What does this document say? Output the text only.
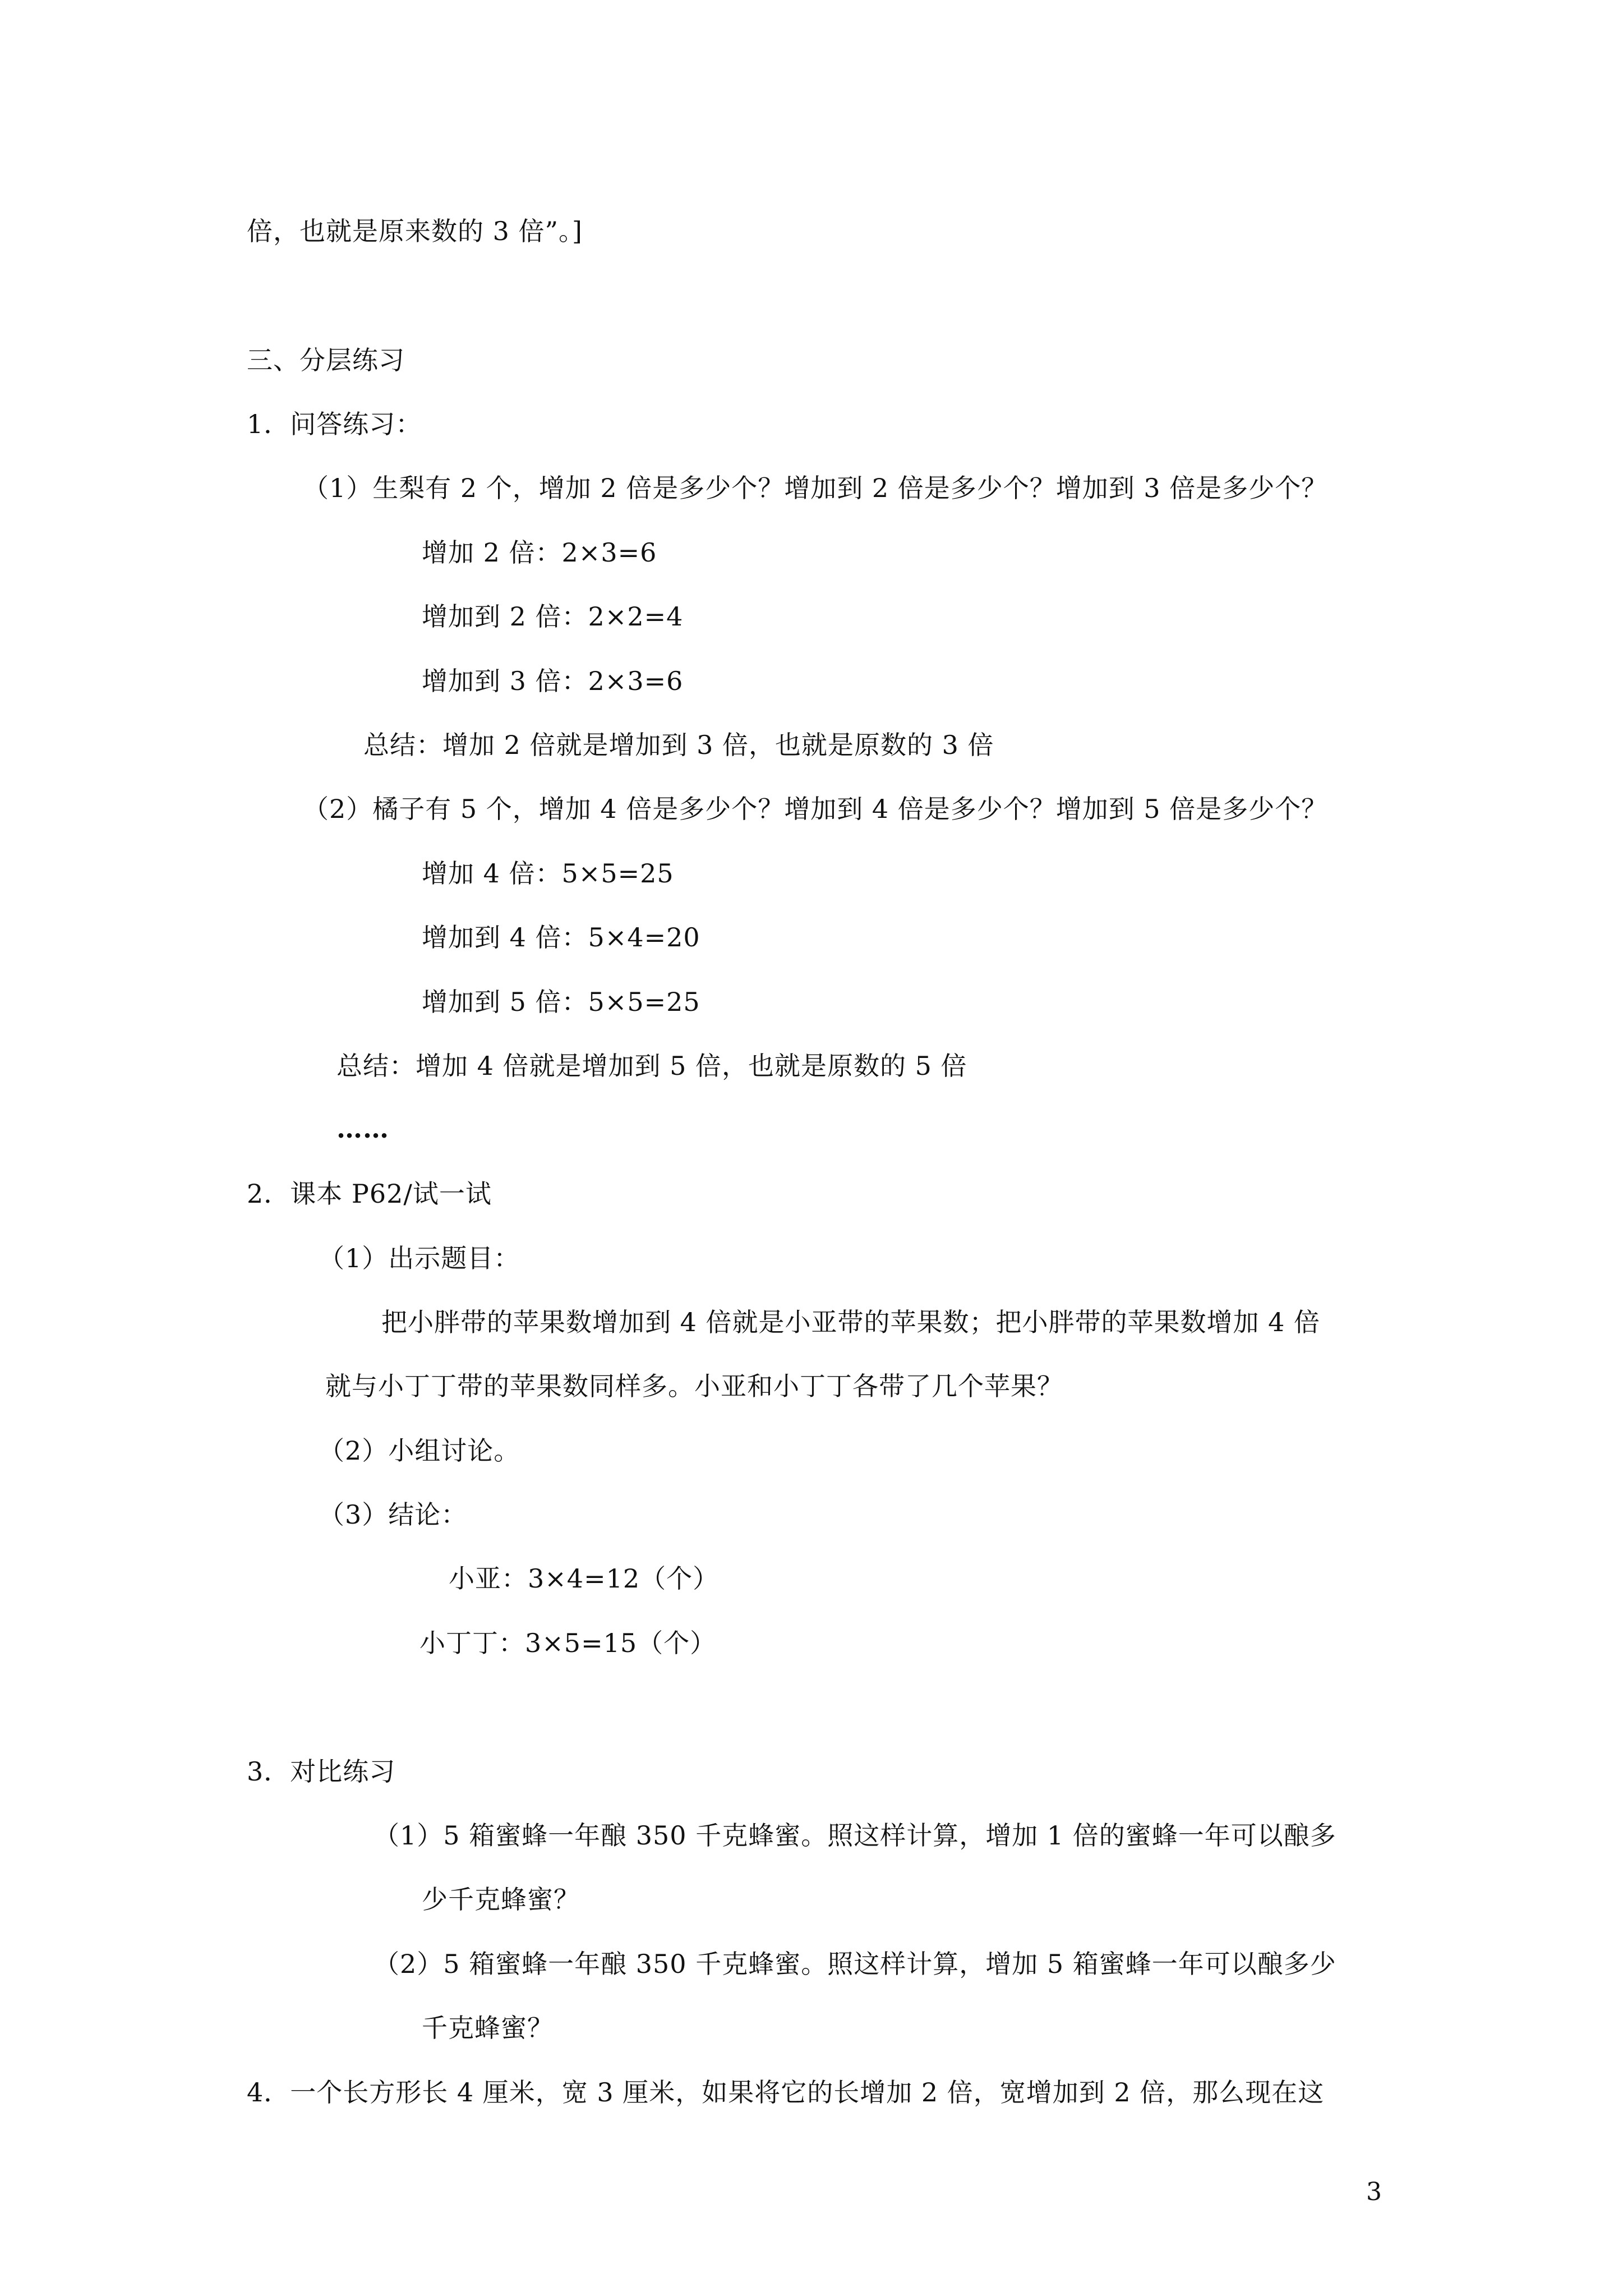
倍，也就是原来数的 3 倍”。]
三、分层练习
1．问答练习：
（1）生梨有 2 个，增加 2 倍是多少个？增加到 2 倍是多少个？增加到 3 倍是多少个？
增加 2 倍：2×3=6
增加到 2 倍：2×2=4
增加到 3 倍：2×3=6
总结：增加 2 倍就是增加到 3 倍，也就是原数的 3 倍
（2）橘子有 5 个，增加 4 倍是多少个？增加到 4 倍是多少个？增加到 5 倍是多少个？
增加 4 倍：5×5=25
增加到 4 倍：5×4=20
增加到 5 倍：5×5=25
总结：增加 4 倍就是增加到 5 倍，也就是原数的 5 倍
……
2．课本 P62/试一试
（1）出示题目：
把小胖带的苹果数增加到 4 倍就是小亚带的苹果数；把小胖带的苹果数增加 4 倍
就与小丁丁带的苹果数同样多。小亚和小丁丁各带了几个苹果？
（2）小组讨论。
（3）结论：
小亚：3×4=12（个）
小丁丁：3×5=15（个）
3．对比练习
（1）5 箱蜜蜂一年酿 350 千克蜂蜜。照这样计算，增加 1 倍的蜜蜂一年可以酿多
少千克蜂蜜？
（2）5 箱蜜蜂一年酿 350 千克蜂蜜。照这样计算，增加 5 箱蜜蜂一年可以酿多少
千克蜂蜜？
4．一个长方形长 4 厘米，宽 3 厘米，如果将它的长增加 2 倍，宽增加到 2 倍，那么现在这
3
